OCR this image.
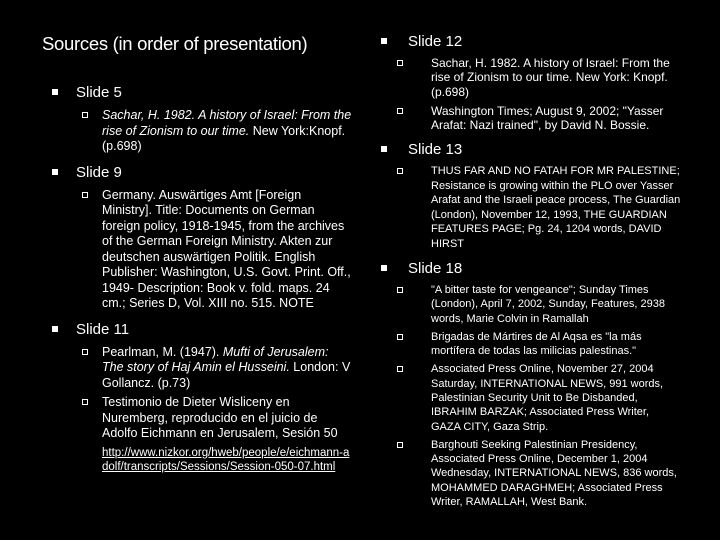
Sources (in order of presentation)
Slide 5
Sachar, H. 1982. A history of Israel: From the rise of Zionism to our time. New York:Knopf. (p.698)
Slide 9
Germany. Auswärtiges Amt [Foreign Ministry]. Title: Documents on German foreign policy, 1918-1945, from the archives of the German Foreign Ministry. Akten zur deutschen auswärtigen Politik. English Publisher: Washington, U.S. Govt. Print. Off., 1949- Description: Book v. fold. maps. 24 cm.; Series D, Vol. XIII no. 515. NOTE
Slide 11
Pearlman, M. (1947). Mufti of Jerusalem: The story of Haj Amin el Husseini. London: V Gollancz. (p.73)
Testimonio de Dieter Wisliceny en Nuremberg, reproducido en el juicio de Adolfo Eichmann en Jerusalem, Sesión 50
http://www.nizkor.org/hweb/people/e/eichmann-adolf/transcripts/Sessions/Session-050-07.html
Slide 12
Sachar, H. 1982. A history of Israel: From the rise of Zionism to our time. New York: Knopf. (p.698)
Washington Times; August 9, 2002; "Yasser Arafat: Nazi trained", by David N. Bossie.
Slide 13
THUS FAR AND NO FATAH FOR MR PALESTINE; Resistance is growing within the PLO over Yasser Arafat and the Israeli peace process, The Guardian (London), November 12, 1993, THE GUARDIAN FEATURES PAGE; Pg. 24, 1204 words, DAVID HIRST
Slide 18
"A bitter taste for vengeance"; Sunday Times (London), April 7, 2002, Sunday, Features, 2938 words, Marie Colvin in Ramallah
Brigadas de Mártires de Al Aqsa es "la más mortífera de todas las milicias palestinas."
Associated Press Online, November 27, 2004 Saturday, INTERNATIONAL NEWS, 991 words, Palestinian Security Unit to Be Disbanded, IBRAHIM BARZAK; Associated Press Writer, GAZA CITY, Gaza Strip.
Barghouti Seeking Palestinian Presidency, Associated Press Online, December 1, 2004 Wednesday, INTERNATIONAL NEWS, 836 words, MOHAMMED DARAGHMEH; Associated Press Writer, RAMALLAH, West Bank.
